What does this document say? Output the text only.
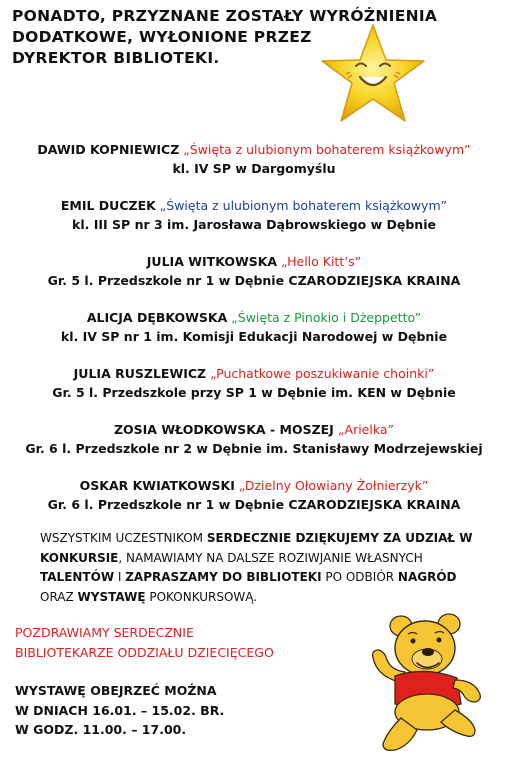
PONADTO, PRZYZNANE ZOSTAŁY WYRÓŻNIENIA
DODATKOWE, WYŁONIONE PRZEZ
DYREKTOR BIBLIOTEKI.
DAWID KOPNIEWICZ „Święta z ulubionym bohaterem książkowym”
kl. IV SP w Dargomyślu
EMIL DUCZEK „Święta z ulubionym bohaterem książkowym”
kl. III SP nr 3 im. Jarosława Dąbrowskiego w Dębnie
JULIA WITKOWSKA „Hello Kitt’s”
Gr. 5 l. Przedszkole nr 1 w Dębnie CZARODZIEJSKA KRAINA
ALICJA DĘBKOWSKA „Święta z Pinokio i Dżeppetto”
kl. IV SP nr 1 im. Komisji Edukacji Narodowej w Dębnie
JULIA RUSZLEWICZ „Puchatkowe poszukiwanie choinki”
Gr. 5 l. Przedszkole przy SP 1 w Dębnie im. KEN w Dębnie
ZOSIA WŁODKOWSKA - MOSZEJ „Arielka”
Gr. 6 l. Przedszkole nr 2 w Dębnie im. Stanisławy Modrzejewskiej
OSKAR KWIATKOWSKI „Dzielny Ołowiany Żołnierzyk”
Gr. 6 l. Przedszkole nr 1 w Dębnie CZARODZIEJSKA KRAINA

WSZYSTKIM UCZESTNIKOM SERDECZNIE DZIĘKUJEMY ZA UDZIAŁ W KONKURSIE, NAMAWIAMY NA DALSZE ROZIWJANIE WŁASNYCH TALENTÓW I ZAPRASZAMY DO BIBLIOTEKI PO ODBIÓR NAGRÓD ORAZ WYSTAWĘ POKONKURSOWĄ.

POZDRAWIAMY SERDECZNIE
BIBLIOTEKARZE ODDZIAŁU DZIECIĘCEGO
WYSTAWĘ OBEJRZEĆ MOŻNA
W DNIACH 16.01. – 15.02. BR.
W GODZ. 11.00. – 17.00.
